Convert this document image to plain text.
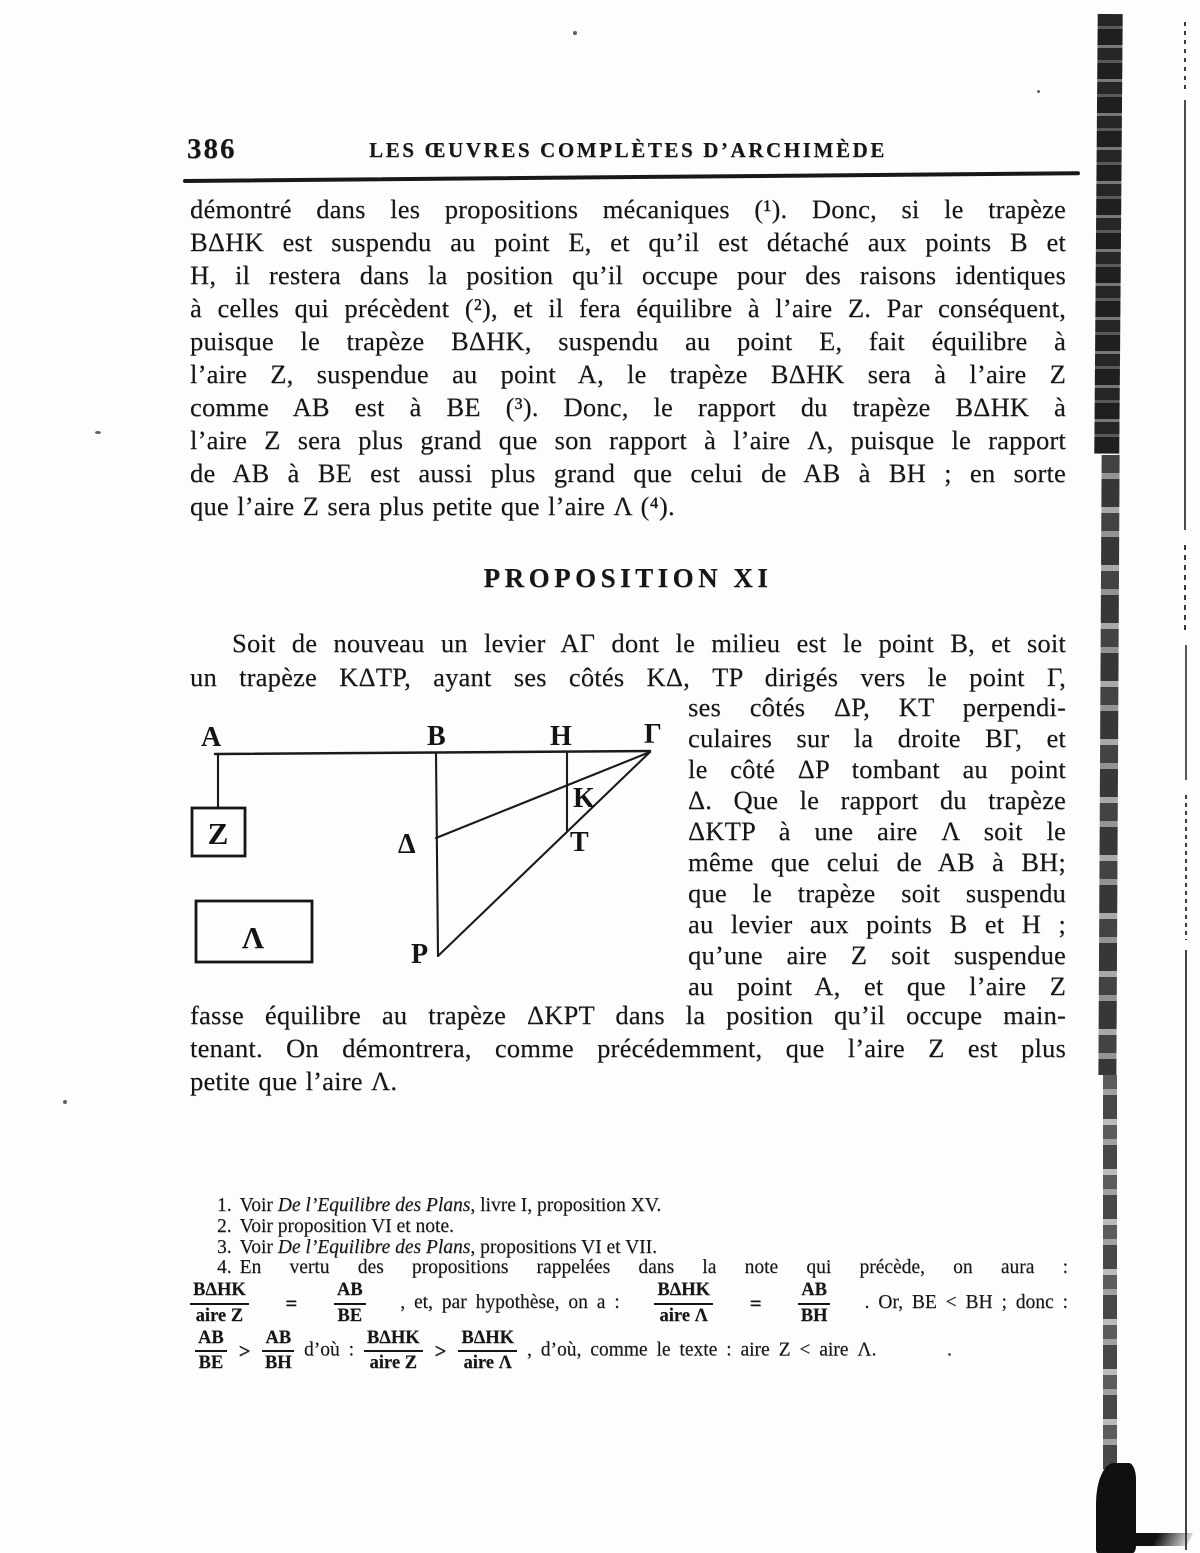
386	LES ŒUVRES COMPLÈTES D’ARCHIMÈDE
démontré dans les propositions mécaniques (¹). Donc, si le trapèze
BΔHK est suspendu au point E, et qu’il est détaché aux points B et
H, il restera dans la position qu’il occupe pour des raisons identiques
à celles qui précèdent (²), et il fera équilibre à l’aire Z. Par conséquent,
puisque le trapèze BΔHK, suspendu au point E, fait équilibre à
l’aire Z, suspendue au point A, le trapèze BΔHK sera à l’aire Z
comme AB est à BE (³). Donc, le rapport du trapèze BΔHK à
l’aire Z sera plus grand que son rapport à l’aire Λ, puisque le rapport
de AB à BE est aussi plus grand que celui de AB à BH ; en sorte
que l’aire Z sera plus petite que l’aire Λ (⁴).
PROPOSITION XI
Soit de nouveau un levier AΓ dont le milieu est le point B, et soit
un trapèze KΔTP, ayant ses côtés KΔ, TP dirigés vers le point Γ,
ses côtés ΔP, KT perpendi-
culaires sur la droite BΓ, et
le côté ΔP tombant au point
Δ. Que le rapport du trapèze
ΔKTP à une aire Λ soit le
même que celui de AB à BH;
que le trapèze soit suspendu
au levier aux points B et H ;
qu’une aire Z soit suspendue
au point A, et que l’aire Z
A	B	H	Γ
K
T
Δ
P
Z
Λ
fasse équilibre au trapèze ΔKPT dans la position qu’il occupe main-
tenant. On démontrera, comme précédemment, que l’aire Z est plus
petite que l’aire Λ.
1. Voir De l’Equilibre des Plans, livre I, proposition XV.
2. Voir proposition VI et note.
3. Voir De l’Equilibre des Plans, propositions VI et VII.
4. En vertu des propositions rappelées dans la note qui précède, on aura :
$\frac{\text{BΔHK}}{\text{aire Z}} = \frac{AB}{BE}$ , et, par hypothèse, on a : $\frac{\text{BΔHK}}{\text{aire Λ}} = \frac{AB}{BH}$ . Or, BE < BH ; donc :
$\frac{AB}{BE} > \frac{AB}{BH}$ d’où : $\frac{\text{BΔHK}}{\text{aire Z}} > \frac{\text{BΔHK}}{\text{aire Λ}}$ , d’où, comme le texte : aire Z < aire Λ.
